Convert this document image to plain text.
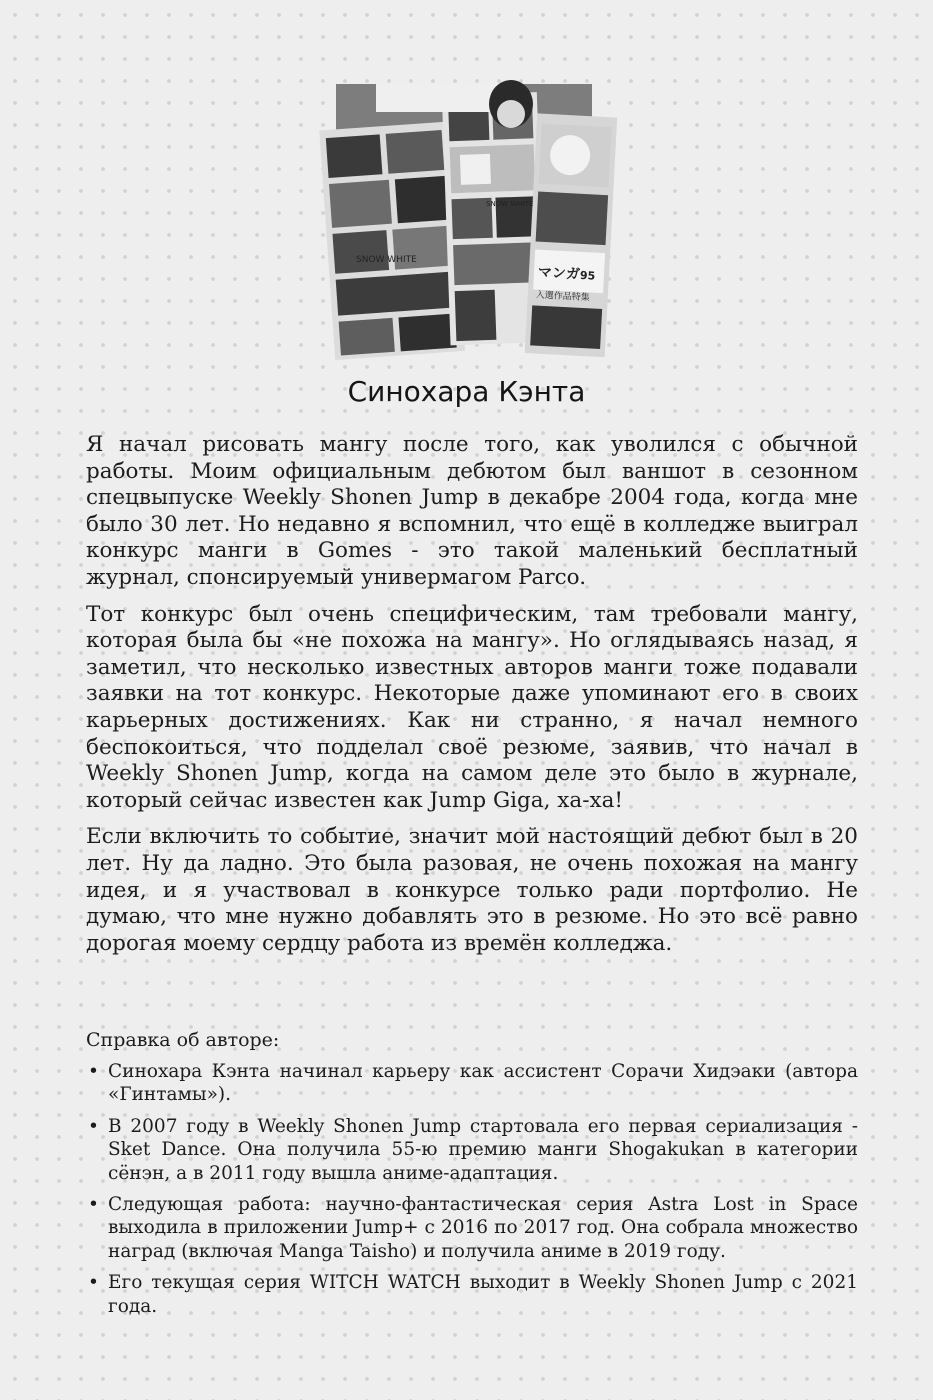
マンガ 95
入選作品特集
SNOW WHITE
SNOW WHITE
Синохара Кэнта

Я начал рисовать мангу после того, как уволился с обычной работы. Моим официальным дебютом был ваншот в сезонном спецвыпуске Weekly Shonen Jump в декабре 2004 года, когда мне было 30 лет. Но недавно я вспомнил, что ещё в колледже выиграл конкурс манги в Gomes - это такой маленький бесплатный журнал, спонсируемый универмагом Parco.

Тот конкурс был очень специфическим, там требовали мангу, которая была бы «не похожа на мангу». Но оглядываясь назад, я заметил, что несколько известных авторов манги тоже подавали заявки на тот конкурс. Некоторые даже упоминают его в своих карьерных достижениях. Как ни странно, я начал немного беспокоиться, что подделал своё резюме, заявив, что начал в Weekly Shonen Jump, когда на самом деле это было в журнале, который сейчас известен как Jump Giga, ха-ха!

Если включить то событие, значит мой настоящий дебют был в 20 лет. Ну да ладно. Это была разовая, не очень похожая на мангу идея, и я участвовал в конкурсе только ради портфолио. Не думаю, что мне нужно добавлять это в резюме. Но это всё равно дорогая моему сердцу работа из времён колледжа.

Справка об авторе:
• Синохара Кэнта начинал карьеру как ассистент Сорачи Хидэаки (автора «Гинтамы»).
• В 2007 году в Weekly Shonen Jump стартовала его первая сериализация - Sket Dance. Она получила 55-ю премию манги Shogakukan в категории сёнэн, а в 2011 году вышла аниме-адаптация.
• Следующая работа: научно-фантастическая серия Astra Lost in Space выходила в приложении Jump+ с 2016 по 2017 год. Она собрала множество наград (включая Manga Taisho) и получила аниме в 2019 году.
• Его текущая серия WITCH WATCH выходит в Weekly Shonen Jump с 2021 года.
